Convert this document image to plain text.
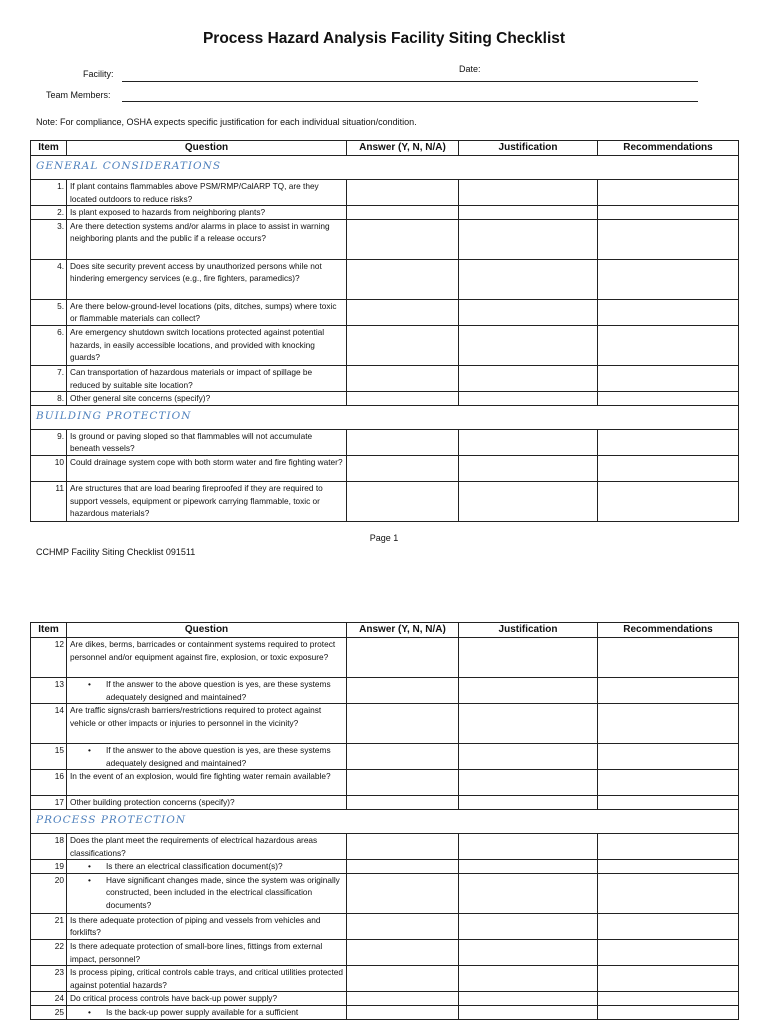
Process Hazard Analysis Facility Siting Checklist
Facility:	Date:
Team Members:
Note: For compliance, OSHA expects specific justification for each individual situation/condition.
Item	Question	Answer (Y, N, N/A)	Justification	Recommendations
GENERAL CONSIDERATIONS				
1.	If plant contains flammables above PSM/RMP/CalARP TQ, are they located outdoors to reduce risks?			
2.	Is plant exposed to hazards from neighboring plants?			
3.	Are there detection systems and/or alarms in place to assist in warning neighboring plants and the public if a release occurs?			
4.	Does site security prevent access by unauthorized persons while not hindering emergency services (e.g., fire fighters, paramedics)?			
5.	Are there below-ground-level locations (pits, ditches, sumps) where toxic or flammable materials can collect?			
6.	Are emergency shutdown switch locations protected against potential hazards, in easily accessible locations, and provided with knocking guards?			
7.	Can transportation of hazardous materials or impact of spillage be reduced by suitable site location?			
8.	Other general site concerns (specify)?			
BUILDING PROTECTION				
9.	Is ground or paving sloped so that flammables will not accumulate beneath vessels?			
10	Could drainage system cope with both storm water and fire fighting water?			
11	Are structures that are load bearing fireproofed if they are required to support vessels, equipment or pipework carrying flammable, toxic or hazardous materials?			
Page 1
CCHMP Facility Siting Checklist 091511
Item	Question	Answer (Y, N, N/A)	Justification	Recommendations
12	Are dikes, berms, barricades or containment systems required to protect personnel and/or equipment against fire, explosion, or toxic exposure?			
13	• If the answer to the above question is yes, are these systems adequately designed and maintained?

14	Are traffic signs/crash barriers/restrictions required to protect against vehicle or other impacts or injuries to personnel in the vicinity?			
15	• If the answer to the above question is yes, are these systems adequately designed and maintained?

16	In the event of an explosion, would fire fighting water remain available?			
17	Other building protection concerns (specify)?			
PROCESS PROTECTION				
18	Does the plant meet the requirements of electrical hazardous areas classifications?			
19	• Is there an electrical classification document(s)?

20	• Have significant changes made, since the system was originally constructed, been included in the electrical classification documents?

21	Is there adequate protection of piping and vessels from vehicles and forklifts?			
22	Is there adequate protection of small-bore lines, fittings from external impact, personnel?			
23	Is process piping, critical controls cable trays, and critical utilities protected against potential hazards?			
24	Do critical process controls have back-up power supply?			
25	• Is the back-up power supply available for a sufficient
